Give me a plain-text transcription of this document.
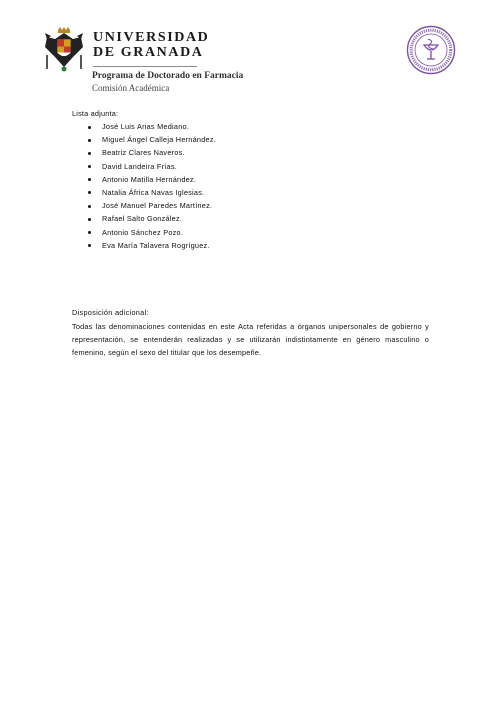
UNIVERSIDAD
DE GRANADA
Programa de Doctorado en Farmacia
Comisión Académica
Lista adjunta:
José Luis Arias Mediano.
Miguel Ángel Calleja Hernández.
Beatriz Clares Naveros.
David Landeira Frías.
Antonio Matilla Hernández.
Natalia África Navas Iglesias.
José Manuel Paredes Martínez.
Rafael Salto González.
Antonio Sánchez Pozo.
Eva María Talavera Rogríguez.
Disposición adicional:
Todas las denominaciones contenidas en este Acta referidas a órganos unipersonales de gobierno y representación, se entenderán realizadas y se utilizarán indistintamente en género masculino o femenino, según el sexo del titular que los desempeñe.
